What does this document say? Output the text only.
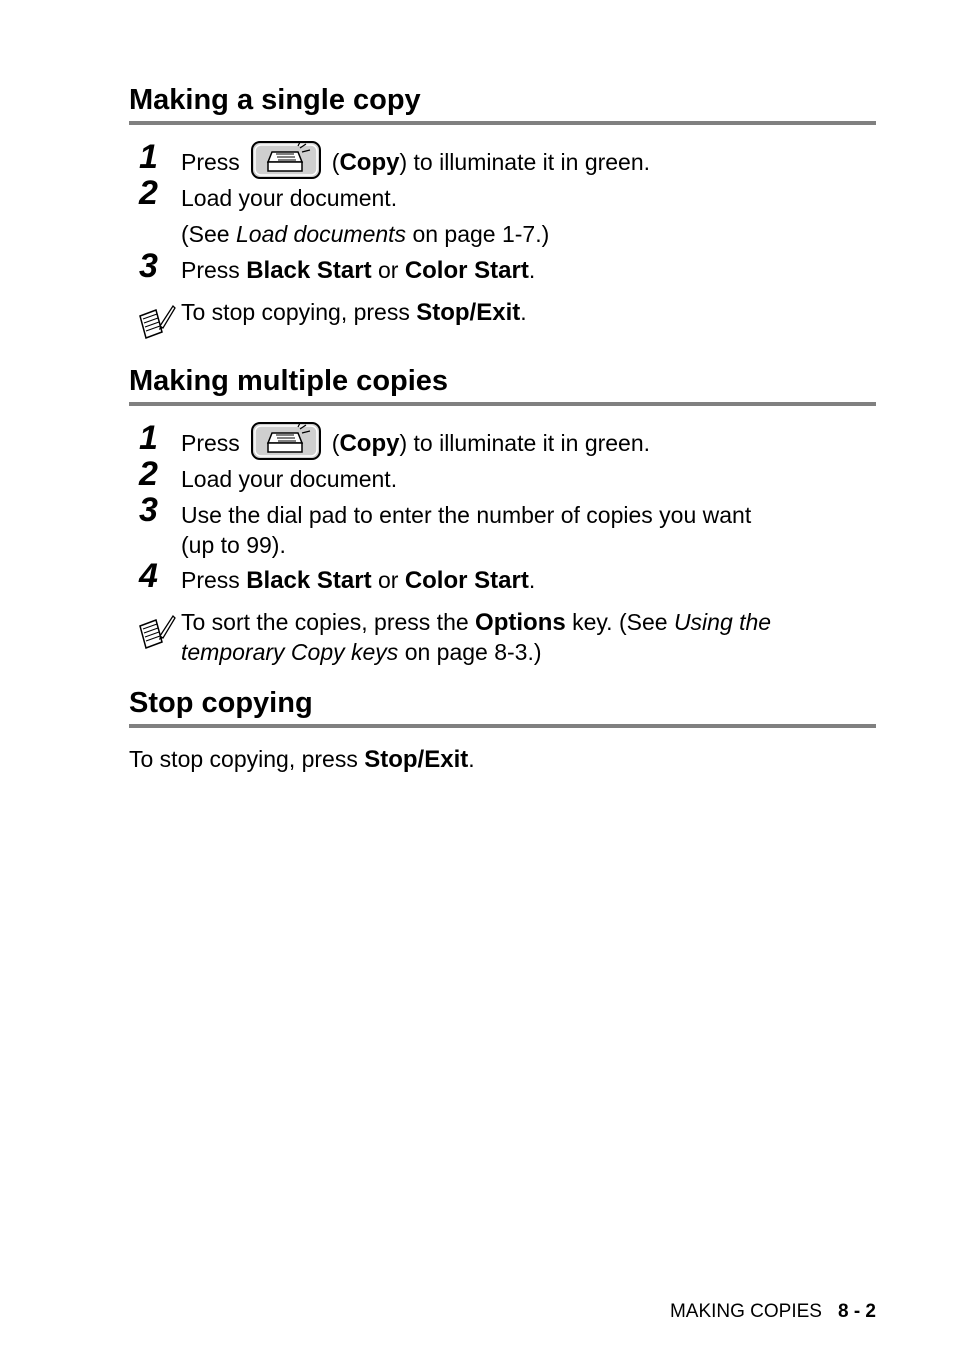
Making a single copy
1 Press	(Copy) to illuminate it in green.
2 Load your document.
(See Load documents on page 1-7.)
3 Press Black Start or Color Start.
To stop copying, press Stop/Exit.
Making multiple copies
1 Press	(Copy) to illuminate it in green.
2 Load your document.
3 Use the dial pad to enter the number of copies you want
(up to 99).
4 Press Black Start or Color Start.
To sort the copies, press the Options key. (See Using the
temporary Copy keys on page 8-3.)
Stop copying
To stop copying, press Stop/Exit.
MAKING COPIES 8 - 2
